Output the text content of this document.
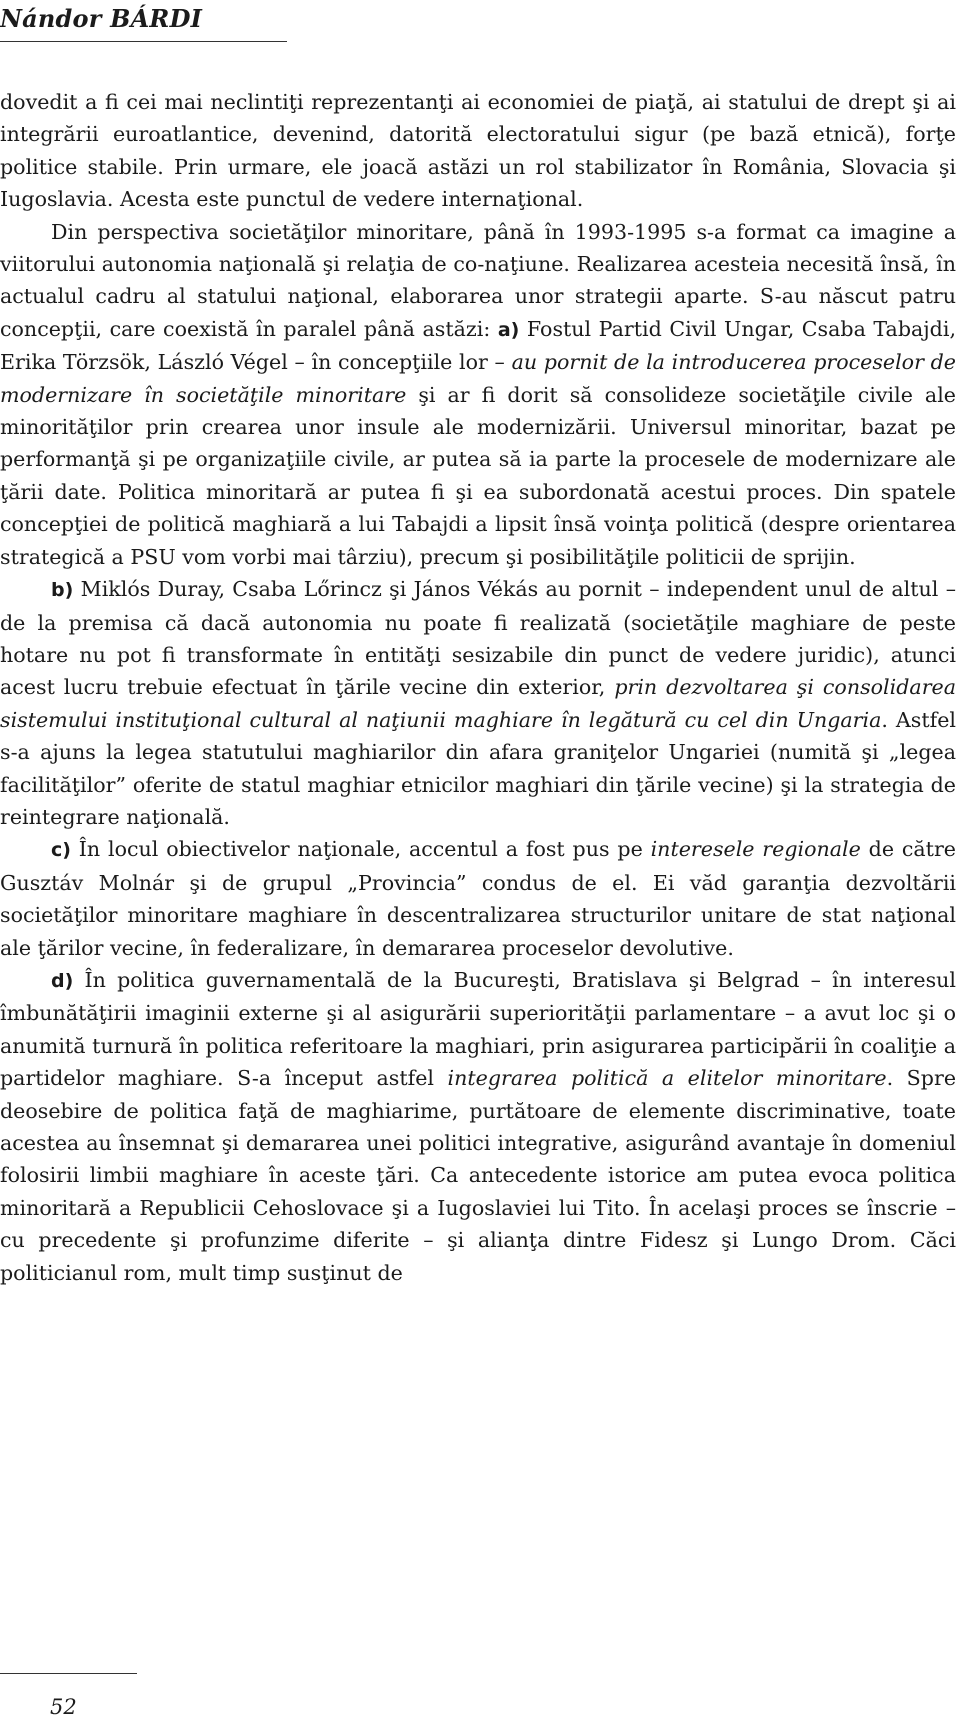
Nándor BÁRDI

dovedit a fi cei mai neclintiţi reprezentanţi ai economiei de piaţă, ai statului de drept şi ai integrării euroatlantice, devenind, datorită electoratului sigur (pe bază etnică), forţe politice stabile. Prin urmare, ele joacă astăzi un rol stabilizator în România, Slovacia şi Iugoslavia. Acesta este punctul de vedere internaţional.

Din perspectiva societăţilor minoritare, până în 1993-1995 s-a format ca imagine a viitorului autonomia naţională şi relaţia de co-naţiune. Realizarea acesteia necesită însă, în actualul cadru al statului naţional, elaborarea unor strategii aparte. S-au născut patru concepţii, care coexistă în paralel până astăzi: a) Fostul Partid Civil Ungar, Csaba Tabajdi, Erika Törzsök, László Végel – în concepţiile lor – au pornit de la introducerea proceselor de modernizare în societăţile minoritare şi ar fi dorit să consolideze societăţile civile ale minorităţilor prin crearea unor insule ale modernizării. Universul minoritar, bazat pe performanţă şi pe organizaţiile civile, ar putea să ia parte la procesele de modernizare ale ţării date. Politica minoritară ar putea fi şi ea subordonată acestui proces. Din spatele concepţiei de politică maghiară a lui Tabajdi a lipsit însă voinţa politică (despre orientarea strategică a PSU vom vorbi mai târziu), precum şi posibilităţile politicii de sprijin.

b) Miklós Duray, Csaba Lőrincz şi János Vékás au pornit – independent unul de altul – de la premisa că dacă autonomia nu poate fi realizată (societăţile maghiare de peste hotare nu pot fi transformate în entităţi sesizabile din punct de vedere juridic), atunci acest lucru trebuie efectuat în ţările vecine din exterior, prin dezvoltarea şi consolidarea sistemului instituţional cultural al naţiunii maghiare în legătură cu cel din Ungaria. Astfel s-a ajuns la legea statutului maghiarilor din afara graniţelor Ungariei (numită şi „legea facilităţilor” oferite de statul maghiar etnicilor maghiari din ţările vecine) şi la strategia de reintegrare naţională.

c) În locul obiectivelor naţionale, accentul a fost pus pe interesele regionale de către Gusztáv Molnár şi de grupul „Provincia” condus de el. Ei văd garanţia dezvoltării societăţilor minoritare maghiare în descentralizarea structurilor unitare de stat naţional ale ţărilor vecine, în federalizare, în demararea proceselor devolutive.

d) În politica guvernamentală de la Bucureşti, Bratislava şi Belgrad – în interesul îmbunătăţirii imaginii externe şi al asigurării superiorităţii parlamentare – a avut loc şi o anumită turnură în politica referitoare la maghiari, prin asigurarea participării în coaliţie a partidelor maghiare. S-a început astfel integrarea politică a elitelor minoritare. Spre deosebire de politica faţă de maghiarime, purtătoare de elemente discriminative, toate acestea au însemnat şi demararea unei politici integrative, asigurând avantaje în domeniul folosirii limbii maghiare în aceste ţări. Ca antecedente istorice am putea evoca politica minoritară a Republicii Cehoslovace şi a Iugoslaviei lui Tito. În acelaşi proces se înscrie – cu precedente şi profunzime diferite – şi alianţa dintre Fidesz şi Lungo Drom. Căci politicianul rom, mult timp susţinut de

52
